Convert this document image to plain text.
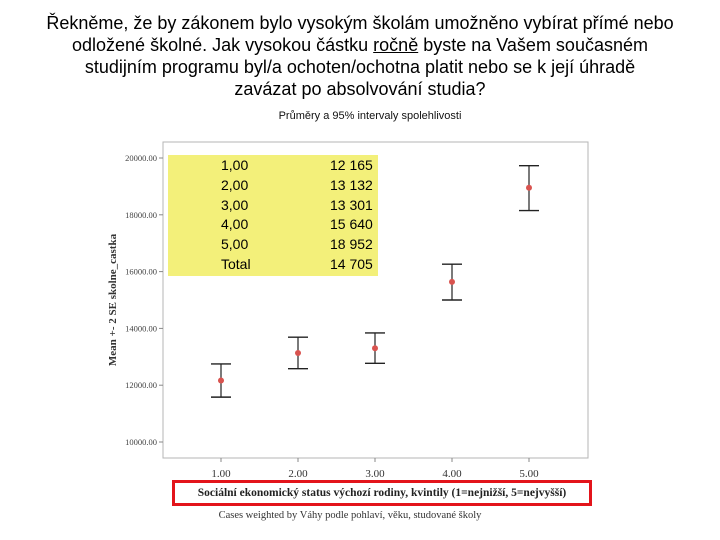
Řekněme, že by zákonem bylo vysokým školám umožněno vybírat přímé nebo
odložené školné. Jak vysokou částku ročně byste na Vašem současném
studijním programu byl/a ochoten/ochotna platit nebo se k její úhradě
zavázat po absolvování studia?
Průměry a 95% intervaly spolehlivosti
10000.00
12000.00
14000.00
16000.00
18000.00
20000.00
1.00	2.00	3.00	4.00	5.00
Mean +- 2 SE skolne_castka
1,00	12 165
2,00	13 132
3,00	13 301
4,00	15 640
5,00	18 952
Total	14 705
Sociální ekonomický status výchozí rodiny, kvintily (1=nejnižší, 5=nejvyšší)
Cases weighted by Váhy podle pohlaví, věku, studované školy
